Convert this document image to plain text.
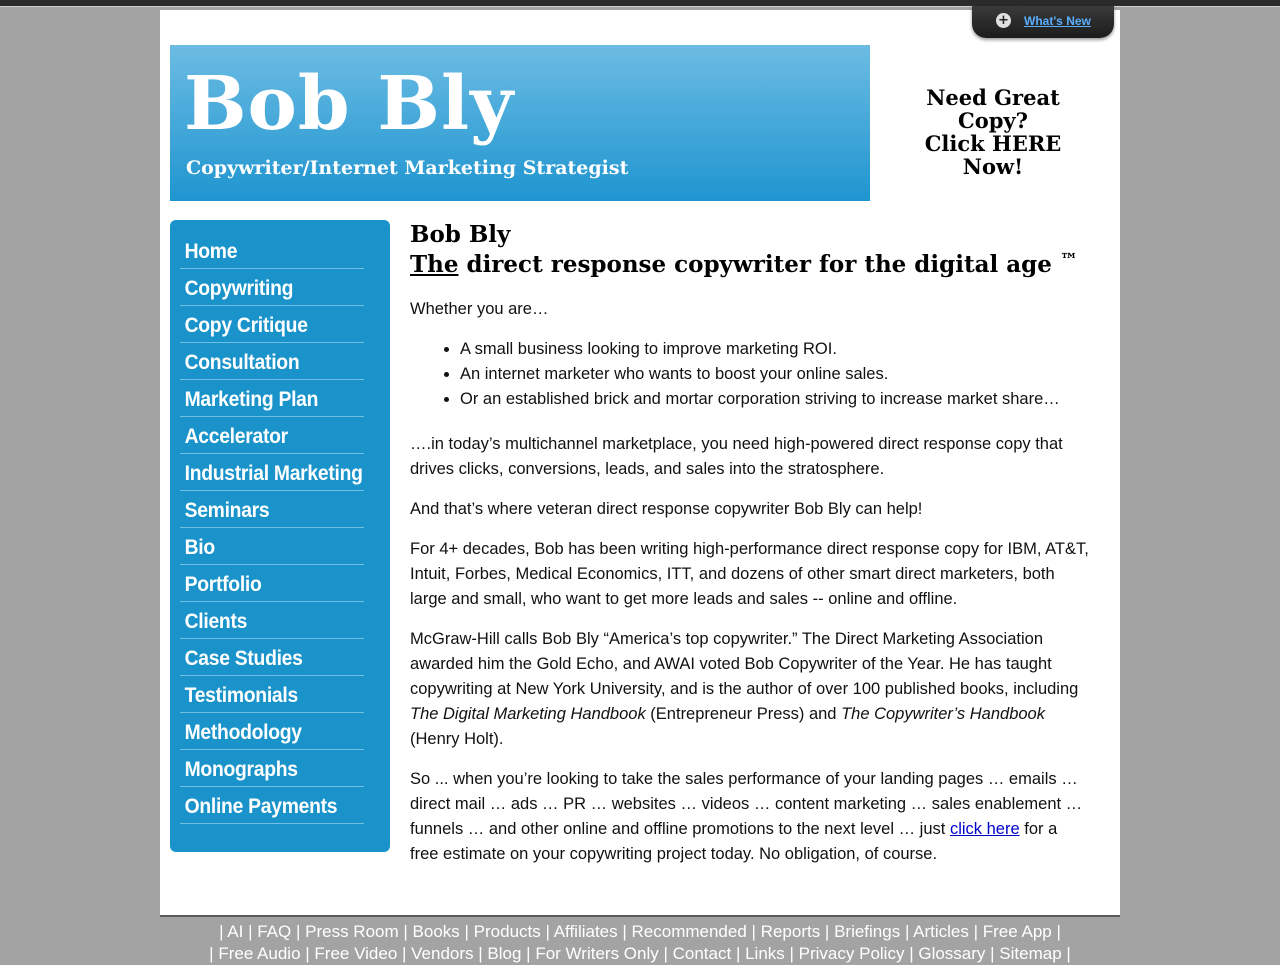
+ What's New
Bob Bly
Copywriter/Internet Marketing Strategist
Need Great
Copy?
Click HERE
Now!
Home
Copywriting
Copy Critique
Consultation
Marketing Plan
Accelerator
Industrial Marketing
Seminars
Bio
Portfolio
Clients
Case Studies
Testimonials
Methodology
Monographs
Online Payments
Bob Bly
The direct response copywriter for the digital age ™

Whether you are…

• A small business looking to improve marketing ROI.
• An internet marketer who wants to boost your online sales.
• Or an established brick and mortar corporation striving to increase market share…

….in today’s multichannel marketplace, you need high-powered direct response copy that drives clicks, conversions, leads, and sales into the stratosphere.

And that’s where veteran direct response copywriter Bob Bly can help!

For 4+ decades, Bob has been writing high-performance direct response copy for IBM, AT&T, Intuit, Forbes, Medical Economics, ITT, and dozens of other smart direct marketers, both large and small, who want to get more leads and sales -- online and offline.

McGraw-Hill calls Bob Bly “America’s top copywriter.” The Direct Marketing Association awarded him the Gold Echo, and AWAI voted Bob Copywriter of the Year. He has taught copywriting at New York University, and is the author of over 100 published books, including The Digital Marketing Handbook (Entrepreneur Press) and The Copywriter’s Handbook (Henry Holt).

So ... when you’re looking to take the sales performance of your landing pages … emails … direct mail … ads … PR … websites … videos … content marketing … sales enablement … funnels … and other online and offline promotions to the next level … just click here for a free estimate on your copywriting project today. No obligation, of course.

| AI | FAQ | Press Room | Books | Products | Affiliates | Recommended | Reports | Briefings | Articles | Free App |
| Free Audio | Free Video | Vendors | Blog | For Writers Only | Contact | Links | Privacy Policy | Glossary | Sitemap |
